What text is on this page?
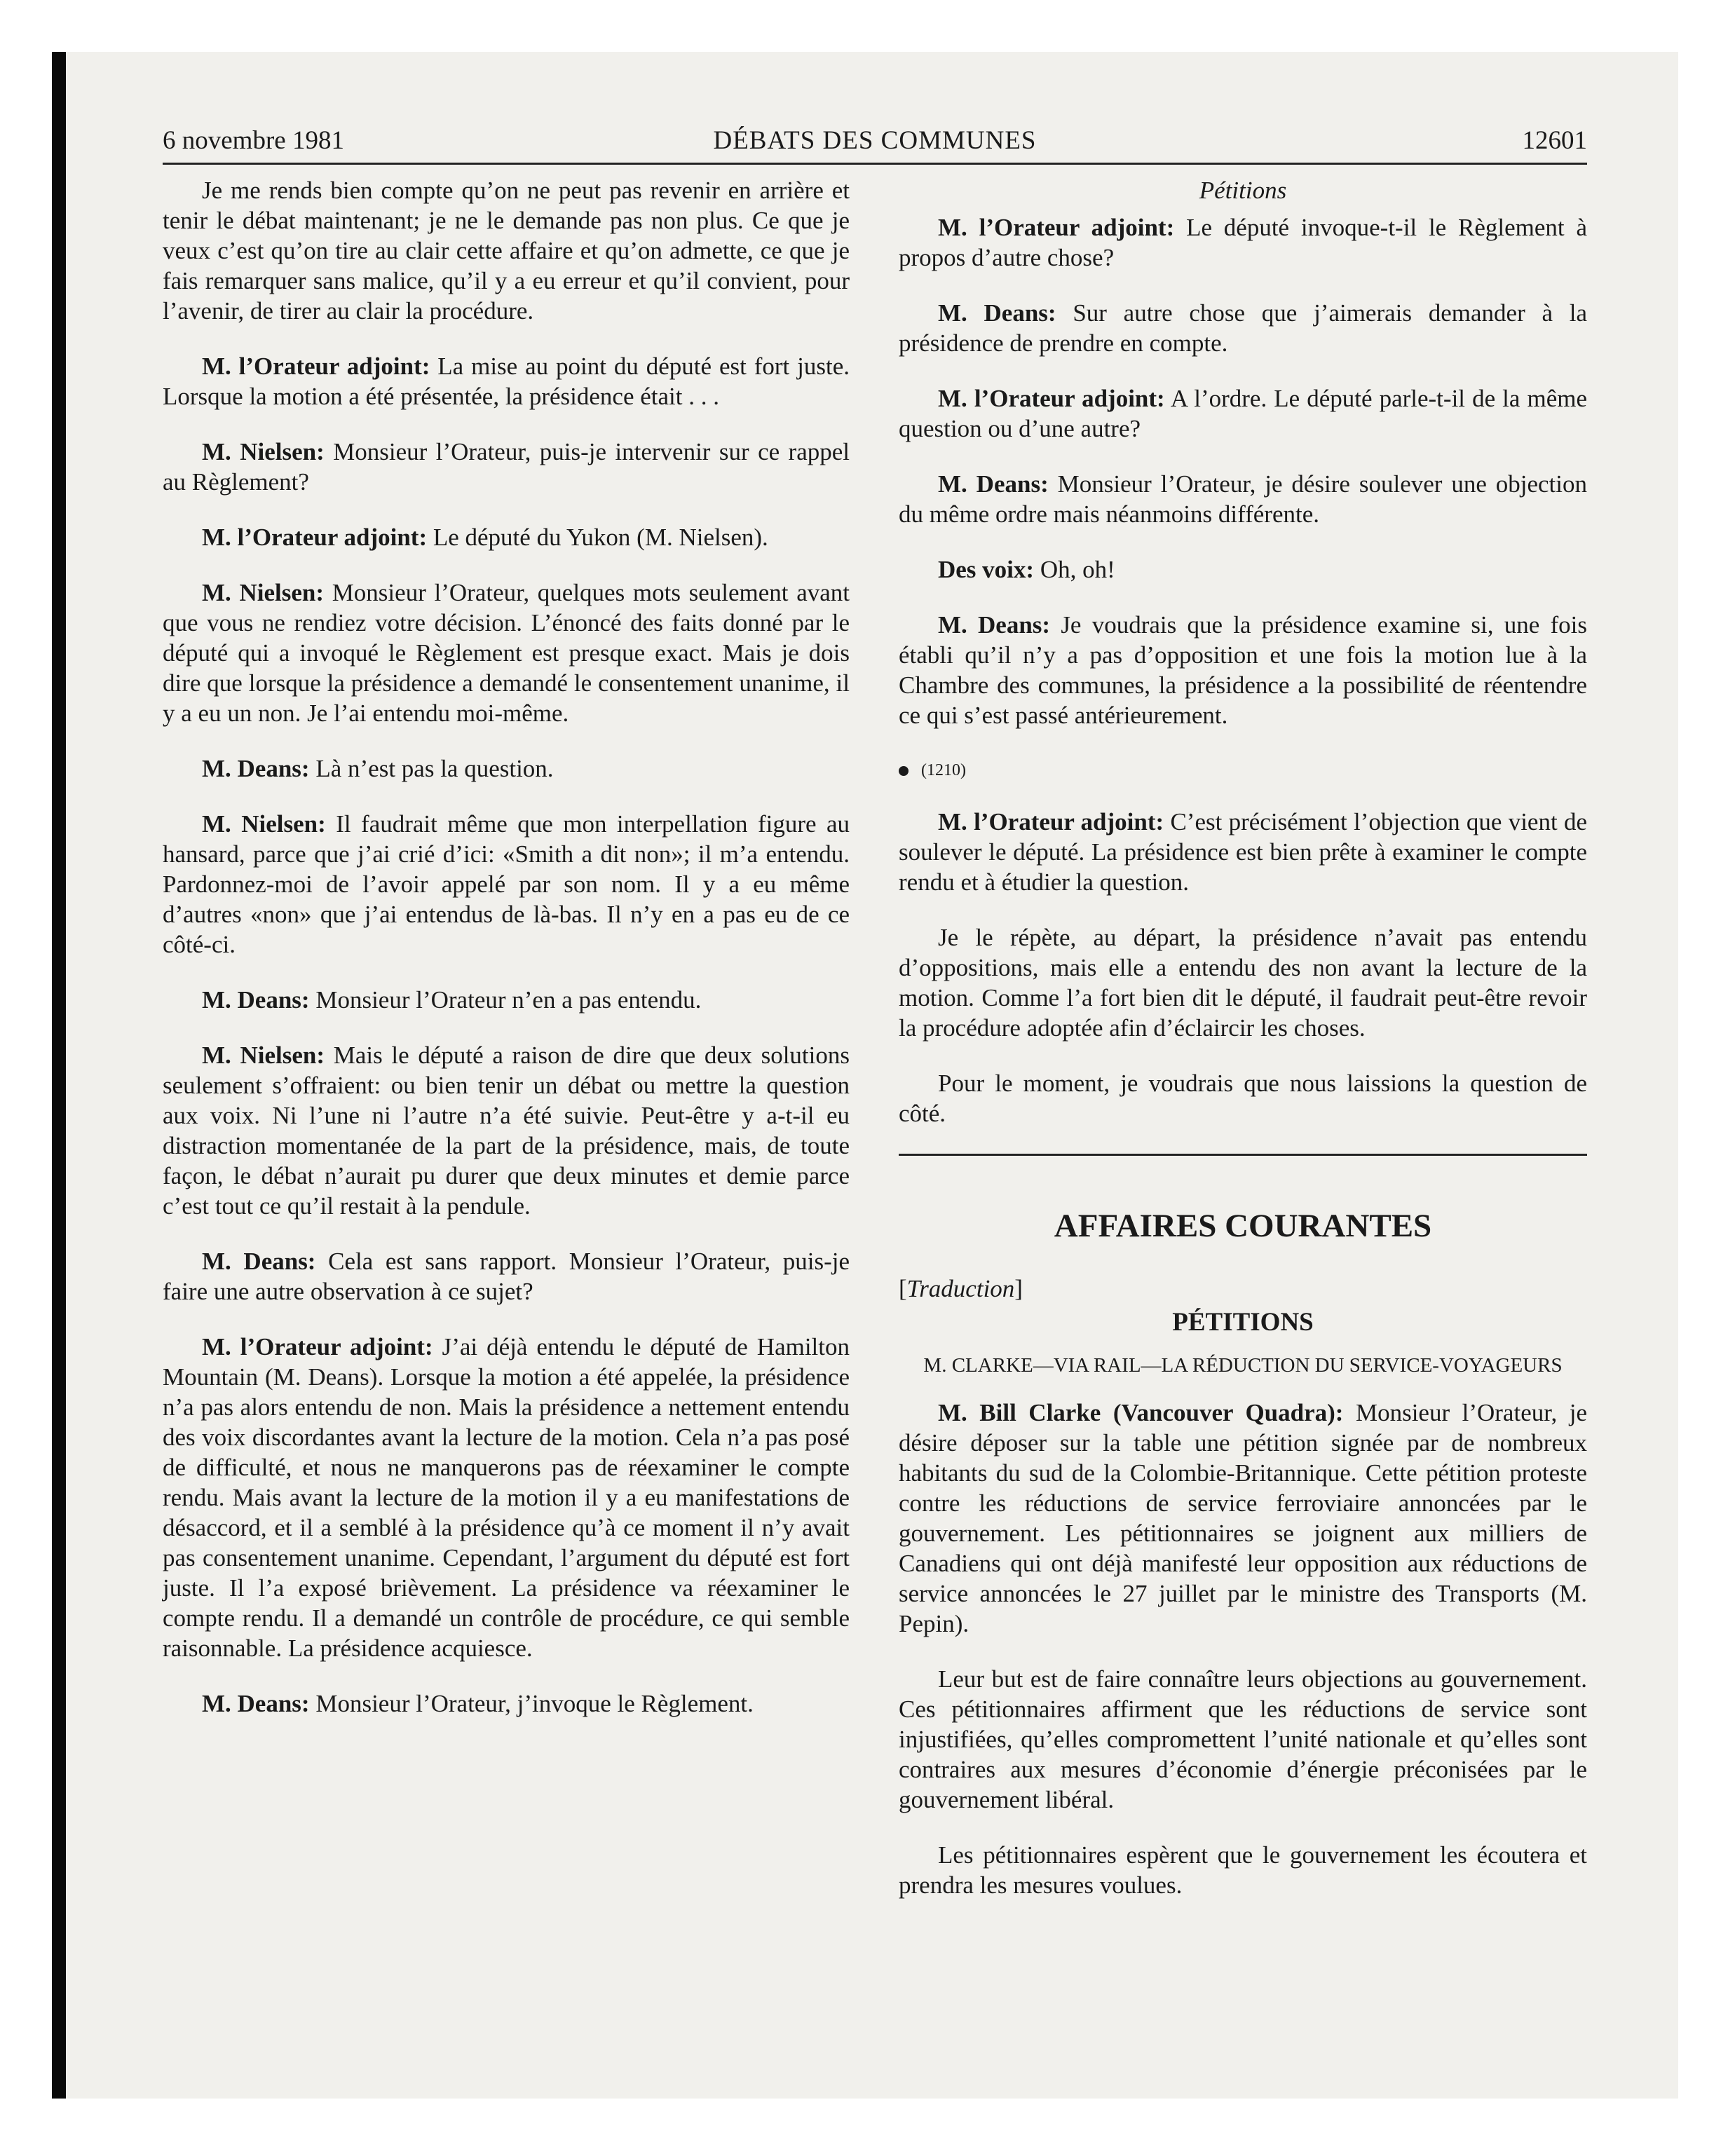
6 novembre 1981	DÉBATS DES COMMUNES	12601

Je me rends bien compte qu’on ne peut pas revenir en arrière et tenir le débat maintenant; je ne le demande pas non plus. Ce que je veux c’est qu’on tire au clair cette affaire et qu’on admette, ce que je fais remarquer sans malice, qu’il y a eu erreur et qu’il convient, pour l’avenir, de tirer au clair la procédure.

M. l’Orateur adjoint: La mise au point du député est fort juste. Lorsque la motion a été présentée, la présidence était . . .

M. Nielsen: Monsieur l’Orateur, puis-je intervenir sur ce rappel au Règlement?

M. l’Orateur adjoint: Le député du Yukon (M. Nielsen).

M. Nielsen: Monsieur l’Orateur, quelques mots seulement avant que vous ne rendiez votre décision. L’énoncé des faits donné par le député qui a invoqué le Règlement est presque exact. Mais je dois dire que lorsque la présidence a demandé le consentement unanime, il y a eu un non. Je l’ai entendu moi-même.

M. Deans: Là n’est pas la question.

M. Nielsen: Il faudrait même que mon interpellation figure au hansard, parce que j’ai crié d’ici: «Smith a dit non»; il m’a entendu. Pardonnez-moi de l’avoir appelé par son nom. Il y a eu même d’autres «non» que j’ai entendus de là-bas. Il n’y en a pas eu de ce côté-ci.

M. Deans: Monsieur l’Orateur n’en a pas entendu.

M. Nielsen: Mais le député a raison de dire que deux solutions seulement s’offraient: ou bien tenir un débat ou mettre la question aux voix. Ni l’une ni l’autre n’a été suivie. Peut-être y a-t-il eu distraction momentanée de la part de la présidence, mais, de toute façon, le débat n’aurait pu durer que deux minutes et demie parce c’est tout ce qu’il restait à la pendule.

M. Deans: Cela est sans rapport. Monsieur l’Orateur, puis-je faire une autre observation à ce sujet?

M. l’Orateur adjoint: J’ai déjà entendu le député de Hamilton Mountain (M. Deans). Lorsque la motion a été appelée, la présidence n’a pas alors entendu de non. Mais la présidence a nettement entendu des voix discordantes avant la lecture de la motion. Cela n’a pas posé de difficulté, et nous ne manquerons pas de réexaminer le compte rendu. Mais avant la lecture de la motion il y a eu manifestations de désaccord, et il a semblé à la présidence qu’à ce moment il n’y avait pas consentement unanime. Cependant, l’argument du député est fort juste. Il l’a exposé brièvement. La présidence va réexaminer le compte rendu. Il a demandé un contrôle de procédure, ce qui semble raisonnable. La présidence acquiesce.

M. Deans: Monsieur l’Orateur, j’invoque le Règlement.

Pétitions

M. l’Orateur adjoint: Le député invoque-t-il le Règlement à propos d’autre chose?

M. Deans: Sur autre chose que j’aimerais demander à la présidence de prendre en compte.

M. l’Orateur adjoint: A l’ordre. Le député parle-t-il de la même question ou d’une autre?

M. Deans: Monsieur l’Orateur, je désire soulever une objection du même ordre mais néanmoins différente.

Des voix: Oh, oh!

M. Deans: Je voudrais que la présidence examine si, une fois établi qu’il n’y a pas d’opposition et une fois la motion lue à la Chambre des communes, la présidence a la possibilité de réentendre ce qui s’est passé antérieurement.

(1210)

M. l’Orateur adjoint: C’est précisément l’objection que vient de soulever le député. La présidence est bien prête à examiner le compte rendu et à étudier la question.

Je le répète, au départ, la présidence n’avait pas entendu d’oppositions, mais elle a entendu des non avant la lecture de la motion. Comme l’a fort bien dit le député, il faudrait peut-être revoir la procédure adoptée afin d’éclaircir les choses.

Pour le moment, je voudrais que nous laissions la question de côté.

AFFAIRES COURANTES
[Traduction]
PÉTITIONS
M. CLARKE—VIA RAIL—LA RÉDUCTION DU SERVICE-VOYAGEURS

M. Bill Clarke (Vancouver Quadra): Monsieur l’Orateur, je désire déposer sur la table une pétition signée par de nombreux habitants du sud de la Colombie-Britannique. Cette pétition proteste contre les réductions de service ferroviaire annoncées par le gouvernement. Les pétitionnaires se joignent aux milliers de Canadiens qui ont déjà manifesté leur opposition aux réductions de service annoncées le 27 juillet par le ministre des Transports (M. Pepin).

Leur but est de faire connaître leurs objections au gouvernement. Ces pétitionnaires affirment que les réductions de service sont injustifiées, qu’elles compromettent l’unité nationale et qu’elles sont contraires aux mesures d’économie d’énergie préconisées par le gouvernement libéral.

Les pétitionnaires espèrent que le gouvernement les écoutera et prendra les mesures voulues.
